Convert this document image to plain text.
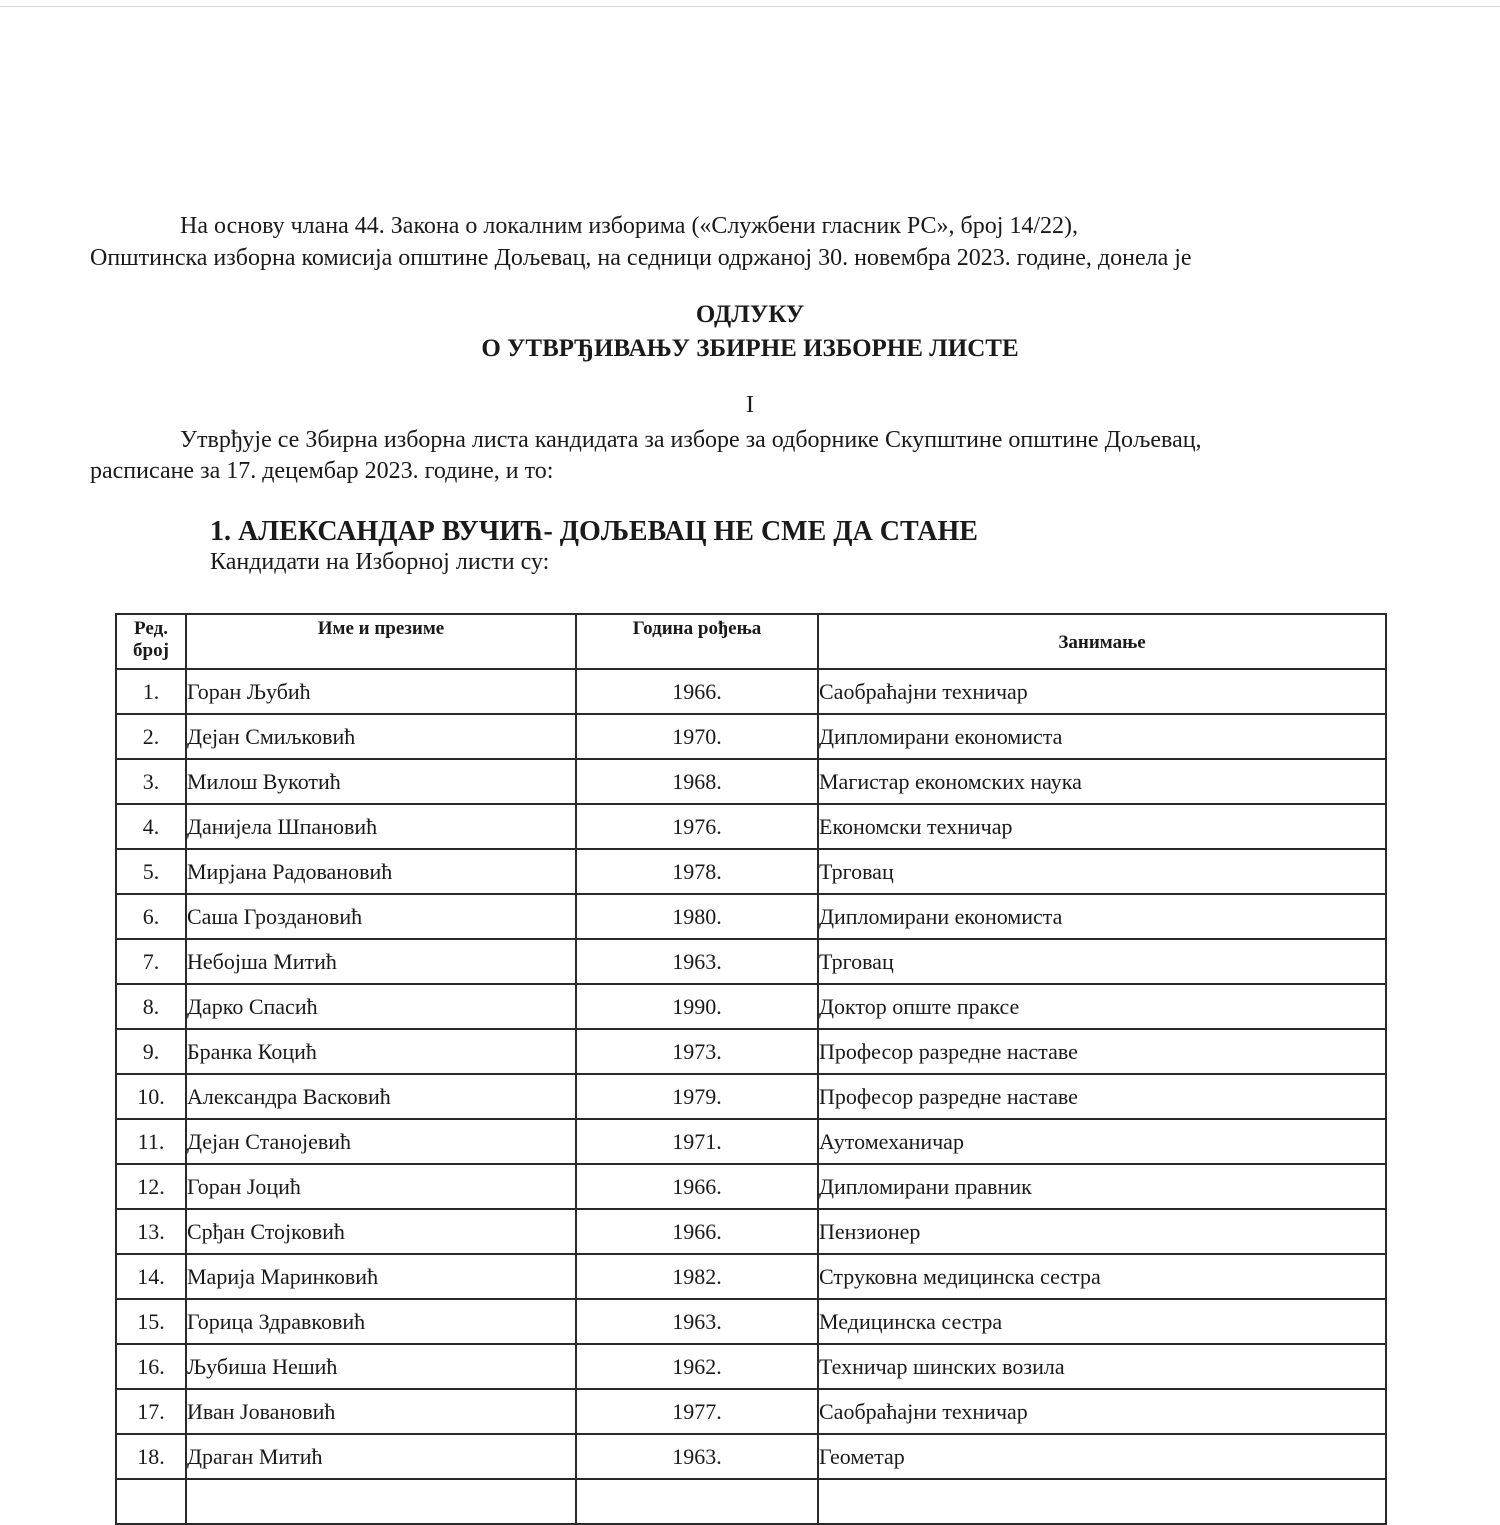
На основу члана 44. Закона о локалним изборима («Службени гласник РС», број 14/22),

Општинска изборна комисија општине Дољевац, на седници одржаној 30. новембра 2023. године, донела је

ОДЛУКУ

О УТВРЂИВАЊУ ЗБИРНЕ ИЗБОРНЕ ЛИСТЕ

I

Утврђује се Збирна изборна листа кандидата за изборе за одборнике Скупштине општине Дољевац,

расписане за 17. децембар 2023. године, и то:

1. АЛЕКСАНДАР ВУЧИЋ- ДОЉЕВАЦ НЕ СМЕ ДА СТАНЕ
Кандидати на Изборној листи су:
Ред.
број	Име и презиме	Година рођења	Занимање
1.	Горан Љубић	1966.	Саобраћајни техничар
2.	Дејан Смиљковић	1970.	Дипломирани економиста
3.	Милош Вукотић	1968.	Магистар економских наука
4.	Данијела Шпановић	1976.	Економски техничар
5.	Мирјана Радовановић	1978.	Трговац
6.	Саша Гроздановић	1980.	Дипломирани економиста
7.	Небојша Митић	1963.	Трговац
8.	Дарко Спасић	1990.	Доктор опште праксе
9.	Бранка Коцић	1973.	Професор разредне наставе
10.	Александра Васковић	1979.	Професор разредне наставе
11.	Дејан Станојевић	1971.	Аутомеханичар
12.	Горан Јоцић	1966.	Дипломирани правник
13.	Срђан Стојковић	1966.	Пензионер
14.	Марија Маринковић	1982.	Струковна медицинска сестра
15.	Горица Здравковић	1963.	Медицинска сестра
16.	Љубиша Нешић	1962.	Техничар шинских возила
17.	Иван Јовановић	1977.	Саобраћајни техничар
18.	Драган Митић	1963.	Геометар
